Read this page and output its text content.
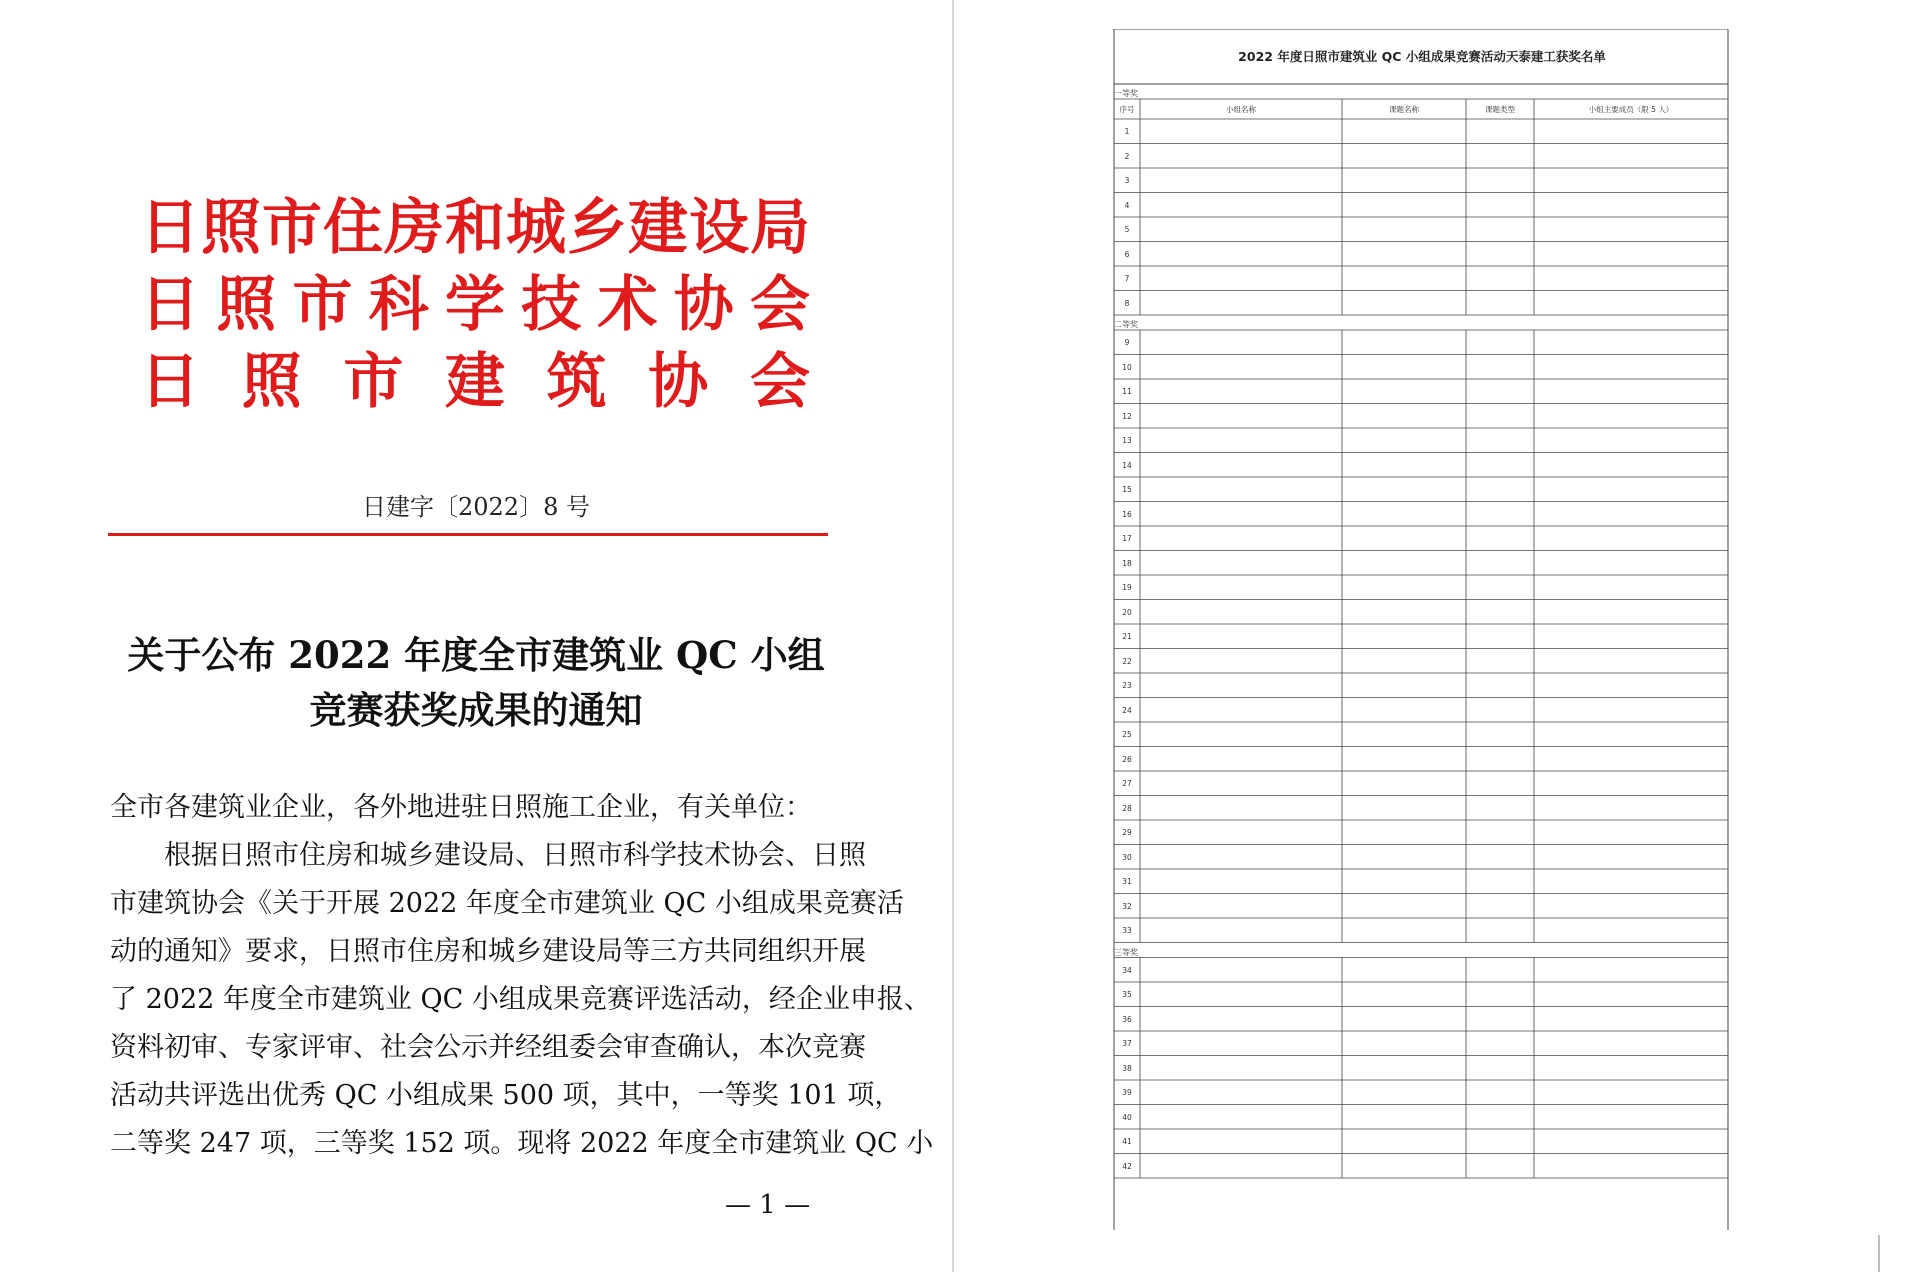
日 照 市 住 房 和 城 乡 建 设 局
日 照 市 科 学 技 术 协 会
日 照 市 建 筑 协 会
日建字〔2022〕8 号
关于公布 2022 年度全市建筑业 QC 小组
竞赛获奖成果的通知
全市各建筑业企业，各外地进驻日照施工企业，有关单位：
　　根据日照市住房和城乡建设局、日照市科学技术协会、日照
市建筑协会《关于开展 2022 年度全市建筑业 QC 小组成果竞赛活
动的通知》要求，日照市住房和城乡建设局等三方共同组织开展
了 2022 年度全市建筑业 QC 小组成果竞赛评选活动，经企业申报、
资料初审、专家评审、社会公示并经组委会审查确认，本次竞赛
活动共评选出优秀 QC 小组成果 500 项，其中，一等奖 101 项，
二等奖 247 项，三等奖 152 项。现将 2022 年度全市建筑业 QC 小
— 1 —
2022 年度日照市建筑业 QC 小组成果竞赛活动天泰建工获奖名单
一等奖
序号	小组名称	课题名称	课题类型	小组主要成员（限 5 人）
1
2
3
4
5
6
7
8
二等奖
9
10
11
12
13
14
15
16
17
18
19
20
21
22
23
24
25
26
27
28
29
30
31
32
33
三等奖
34
35
36
37
38
39
40
41
42
